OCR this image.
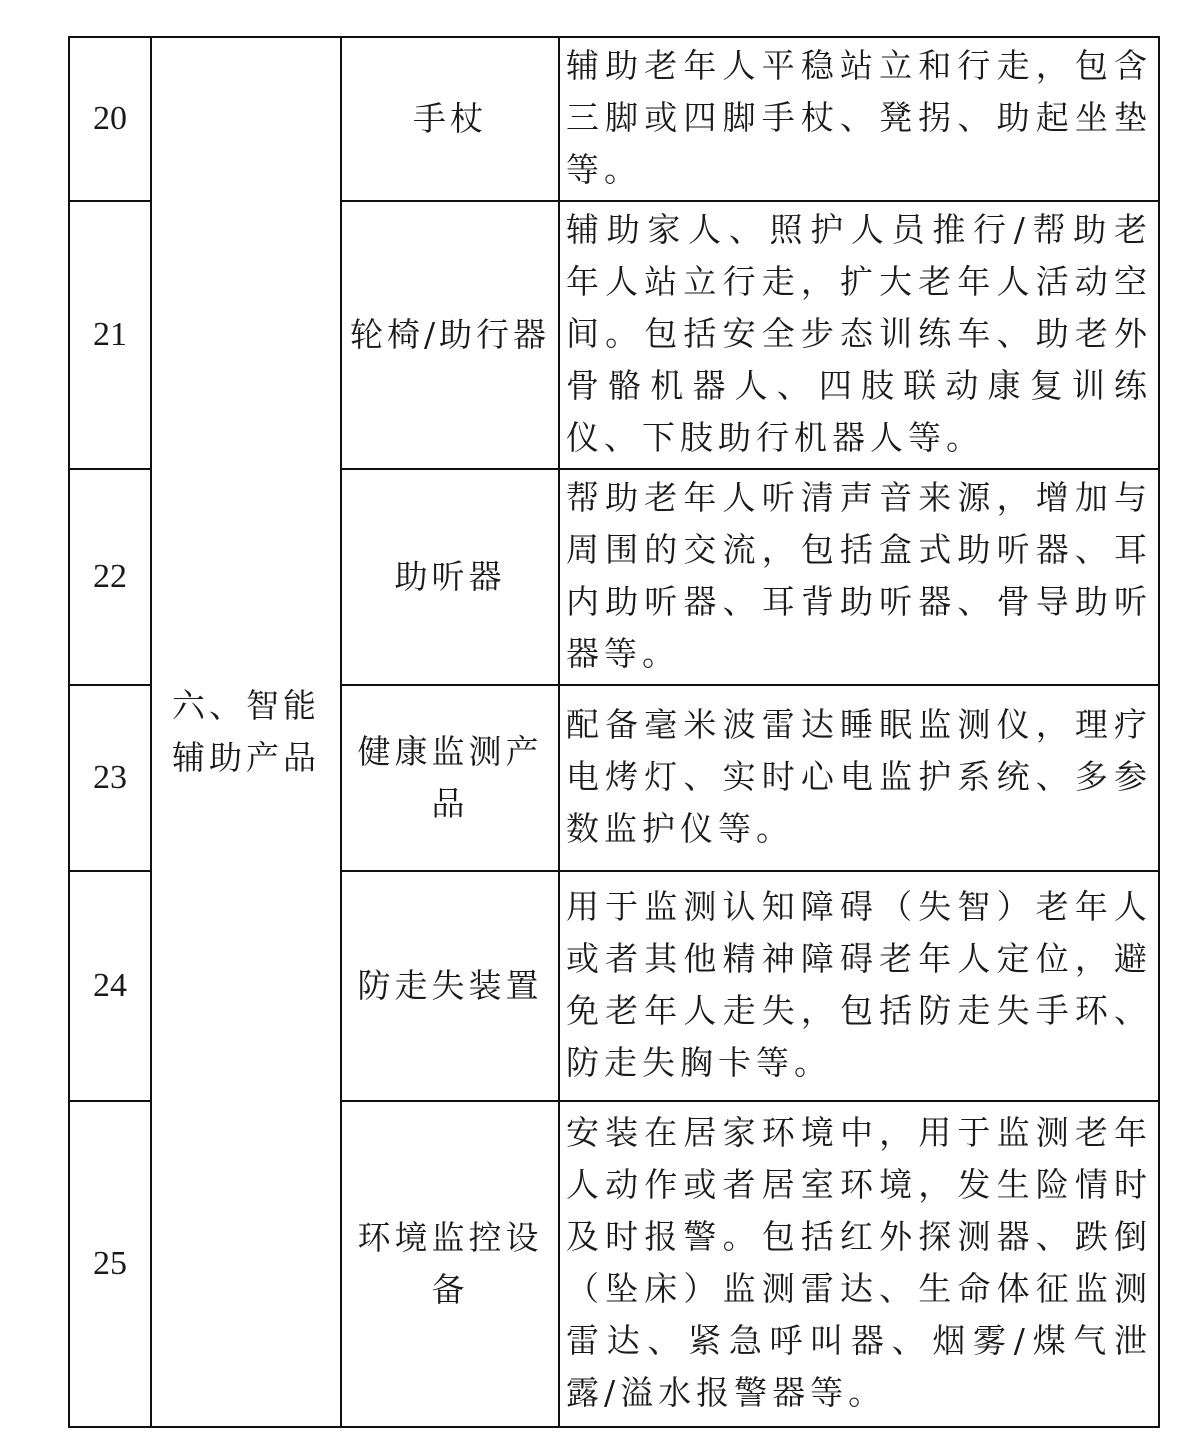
20	六、智能辅助产品	手杖	辅助老年人平稳站立和行走，包含三脚或四脚手杖、凳拐、助起坐垫等。
21		轮椅/助行器	辅助家人、照护人员推行/帮助老年人站立行走，扩大老年人活动空间。包括安全步态训练车、助老外骨骼机器人、四肢联动康复训练仪、下肢助行机器人等。
22		助听器	帮助老年人听清声音来源，增加与周围的交流，包括盒式助听器、耳内助听器、耳背助听器、骨导助听器等。
23		健康监测产品	配备毫米波雷达睡眠监测仪，理疗电烤灯、实时心电监护系统、多参数监护仪等。
24		防走失装置	用于监测认知障碍（失智）老年人或者其他精神障碍老年人定位，避免老年人走失，包括防走失手环、防走失胸卡等。
25		环境监控设备	安装在居家环境中，用于监测老年人动作或者居室环境，发生险情时及时报警。包括红外探测器、跌倒（坠床）监测雷达、生命体征监测雷达、紧急呼叫器、烟雾/煤气泄露/溢水报警器等。
